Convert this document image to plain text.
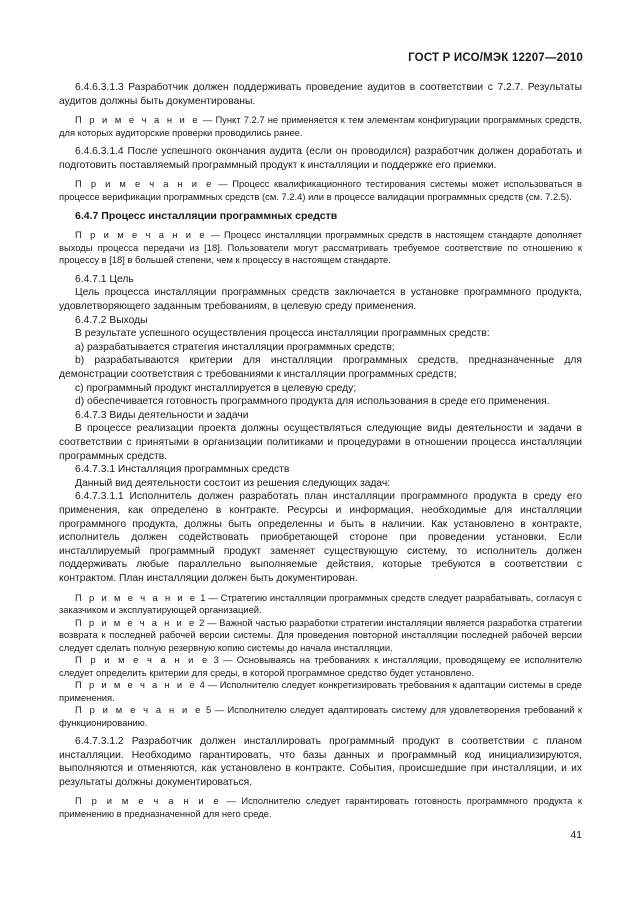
ГОСТ Р ИСО/МЭК 12207—2010

6.4.6.3.1.3 Разработчик должен поддерживать проведение аудитов в соответствии с 7.2.7. Результаты аудитов должны быть документированы.

П р и м е ч а н и е — Пункт 7.2.7 не применяется к тем элементам конфигурации программных средств, для которых аудиторские проверки проводились ранее.

6.4.6.3.1.4 После успешного окончания аудита (если он проводился) разработчик должен доработать и подготовить поставляемый программный продукт к инсталляции и поддержке его приемки.

П р и м е ч а н и е — Процесс квалификационного тестирования системы может использоваться в процессе верификации программных средств (см. 7.2.4) или в процессе валидации программных средств (см. 7.2.5).

6.4.7 Процесс инсталляции программных средств

П р и м е ч а н и е — Процесс инсталляции программных средств в настоящем стандарте дополняет выходы процесса передачи из [18]. Пользователи могут рассматривать требуемое соответствие по отношению к процессу в [18] в большей степени, чем к процессу в настоящем стандарте.

6.4.7.1 Цель

Цель процесса инсталляции программных средств заключается в установке программного продукта, удовлетворяющего заданным требованиям, в целевую среду применения.

6.4.7.2 Выходы

В результате успешного осуществления процесса инсталляции программных средств:

a) разрабатывается стратегия инсталляции программных средств;

b) разрабатываются критерии для инсталляции программных средств, предназначенные для демонстрации соответствия с требованиями к инсталляции программных средств;

c) программный продукт инсталлируется в целевую среду;

d) обеспечивается готовность программного продукта для использования в среде его применения.

6.4.7.3 Виды деятельности и задачи

В процессе реализации проекта должны осуществляться следующие виды деятельности и задачи в соответствии с принятыми в организации политиками и процедурами в отношении процесса инсталляции программных средств.

6.4.7.3.1 Инсталляция программных средств

Данный вид деятельности состоит из решения следующих задач:

6.4.7.3.1.1 Исполнитель должен разработать план инсталляции программного продукта в среду его применения, как определено в контракте. Ресурсы и информация, необходимые для инсталляции программного продукта, должны быть определенны и быть в наличии. Как установлено в контракте, исполнитель должен содействовать приобретающей стороне при проведении установки. Если инсталлируемый программный продукт заменяет существующую систему, то исполнитель должен поддерживать любые параллельно выполняемые действия, которые требуются в соответствии с контрактом. План инсталляции должен быть документирован.

П р и м е ч а н и е 1 — Стратегию инсталляции программных средств следует разрабатывать, согласуя с заказчиком и эксплуатирующей организацией.

П р и м е ч а н и е 2 — Важной частью разработки стратегии инсталляции является разработка стратегии возврата к последней рабочей версии системы. Для проведения повторной инсталляции последней рабочей версии следует сделать полную резервную копию системы до начала инсталляции.

П р и м е ч а н и е 3 — Основываясь на требованиях к инсталляции, проводящему ее исполнителю следует определить критерии для среды, в которой программное средство будет установлено.

П р и м е ч а н и е 4 — Исполнителю следует конкретизировать требования к адаптации системы в среде применения.

П р и м е ч а н и е 5 — Исполнителю следует адаптировать систему для удовлетворения требований к функционированию.

6.4.7.3.1.2 Разработчик должен инсталлировать программный продукт в соответствии с планом инсталляции. Необходимо гарантировать, что базы данных и программный код инициализируются, выполняются и отменяются, как установлено в контракте. События, происшедшие при инсталляции, и их результаты должны документироваться.

П р и м е ч а н и е — Исполнителю следует гарантировать готовность программного продукта к применению в предназначенной для него среде.

41
